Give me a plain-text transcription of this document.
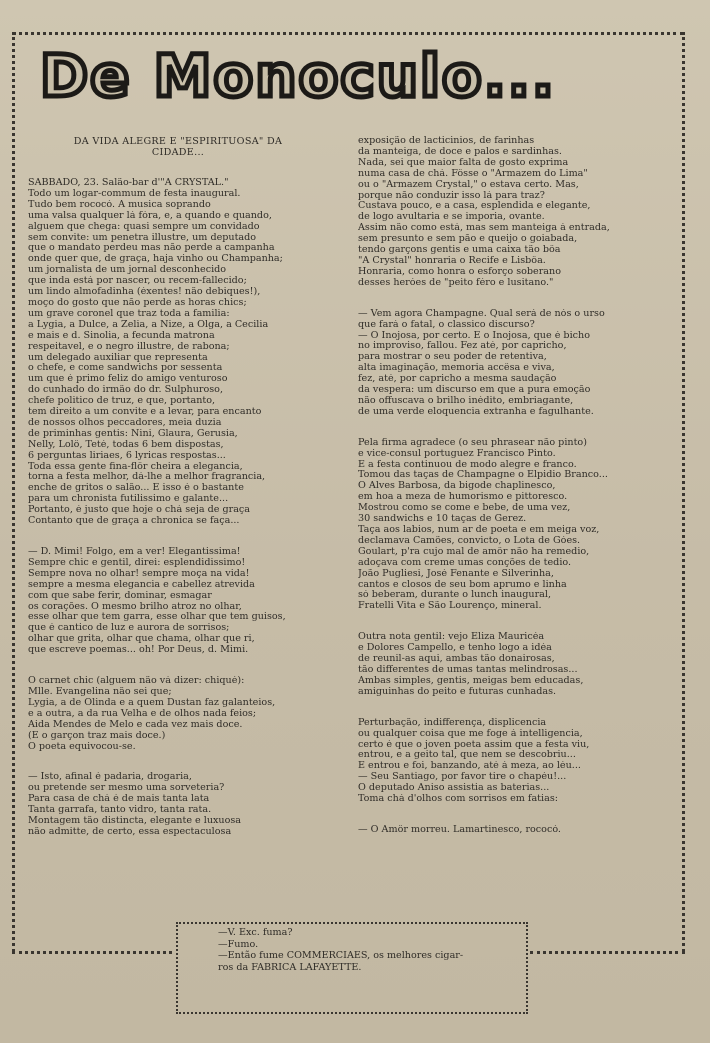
De Monoculo...
DA VIDA ALEGRE E "ESPIRITUOSA" DA
CIDADE...
SABBADO, 23. Salão-bar d'"A CRYSTAL."
Todo um logar-commum de festa inaugural.
Tudo bem rococó. A musica soprando
uma valsa qualquer lá fóra, e, a quando e quando,
alguem que chega: quasi sempre um convidado
sem convite: um penetra illustre, um deputado
que o mandato perdeu mas não perde a campanha
onde quer que, de graça, haja vinho ou Champanha;
um jornalista de um jornal desconhecido
que inda está por nascer, ou recem-fallecido;
um lindo almofadinha (éxentes! não debiques!),
moço do gosto que não perde as horas chics;
um grave coronel que traz toda a familia:
a Lygia, a Dulce, a Zelia, a Nize, a Olga, a Cecilia
e mais e d. Sinolia, a fecunda matrona
respeitavel, e o negro illustre, de rabona;
um delegado auxiliar que representa
o chefe, e come sandwichs por sessenta
um que é primo feliz do amigo venturoso
do cunhado do irmão do dr. Sulphuroso,
chefe politico de truz, e que, portanto,
tem direito a um convite e a levar, para encanto
de nossos olhos peccadores, meia duzia
de priminhas gentis: Nini, Glaura, Gerusia,
Nelly, Lolô, Teté, todas 6 bem dispostas,
6 perguntas liriaes, 6 lyricas respostas...
Toda essa gente fina-flôr cheira a elegancia,
torna a festa melhor, dá-lhe a melhor fragrancia,
enche de gritos o salão... E isso é o bastante
para um chronista futilissimo e galante...
Portanto, é justo que hoje o chá seja de graça
Contanto que de graça a chronica se faça...
— D. Mimi! Folgo, em a ver! Elegantissima!
Sempre chic e gentil, direi: esplendidissimo!
Sempre nova no olhar! sempre moça na vida!
sempre a mesma elegancia e cabellez atrevida
com que sabe ferir, dominar, esmagar
os corações. O mesmo brilho atroz no olhar,
esse olhar que tem garra, esse olhar que tem guisos,
que é cantico de luz e aurora de sorrisos;
olhar que grita, olhar que chama, olhar que ri,
que escreve poemas... oh! Por Deus, d. Mimi.
O carnet chic (alguem não vá dizer: chiqué):
Mlle. Evangelina não sei que;
Lygia, a de Olinda e a quem Dustan faz galanteios,
e a outra, a da rua Velha e de olhos nada feios;
Aida Mendes de Melo e cada vez mais doce.
(E o garçon traz mais doce.)
O poeta equivocou-se.
— Isto, afinal é padaria, drogaria,
ou pretende ser mesmo uma sorveteria?
Para casa de chá é de mais tanta lata
Tanta garrafa, tanto vidro, tanta rata.
Montagem tão distincta, elegante e luxuosa
não admitte, de certo, essa espectaculosa
exposição de lacticinios, de farinhas
da manteiga, de doce e palos e sardinhas.
Nada, sei que maior falta de gosto exprima
numa casa de chá. Fôsse o "Armazem do Lima"
ou o "Armazem Crystal," o estava certo. Mas,
porque não conduzir isso lá para traz?
Custava pouco, e a casa, esplendida e elegante,
de logo avultaria e se imporia, ovante.
Assim não como está, mas sem manteiga á entrada,
sem presunto e sem pão e queijo o goiabada,
tendo garçons gentis e uma caixa tão bôa
"A Crystal" honraria o Recife e Lisbôa.
Honraria, como honra o esforço soberano
desses heróes de "peito féro e lusitano."
— Vem agora Champagne. Qual será de nós o urso
que fará o fatal, o classico discurso?
— O Inojosa, por certo. E o Inojosa, que é bicho
no improviso, fallou. Fez até, por capricho,
para mostrar o seu poder de retentiva,
alta imaginação, memoria accêsa e viva,
fez, até, por capricho a mesma saudação
da vespera: um discurso em que a pura emoção
não offuscava o brilho inédito, embriagante,
de uma verde eloquencia extranha e fagulhante.
Pela firma agradece (o seu phrasear não pinto)
e vice-consul portuguez Francisco Pinto.
E a festa continuou de modo alegre e franco.
Tomou das taças de Champagne o Elpidio Branco...
O Alves Barbosa, da bigode chaplinesco,
em hoa a meza de humorismo e pittoresco.
Mostrou como se come e bebe, de uma vez,
30 sandwichs e 10 taças de Gerez.
Taça aos labios, num ar de poeta e em meiga voz,
declamava Camões, convicto, o Lota de Góes.
Goulart, p'ra cujo mal de amôr não ha remedio,
adoçava com creme umas conções de tedio.
João Pugliesi, José Fenante e Silverinha,
cantos e closos de seu bom aprumo e linha
só beberam, durante o lunch inaugural,
Fratelli Vita e São Lourenço, mineral.
Outra nota gentil: vejo Eliza Mauricéa
e Dolores Campello, e tenho logo a idéa
de reunil-as aqui, ambas tão donairosas,
tão differentes de umas tantas melindrosas...
Ambas simples, gentis, meigas bem educadas,
amiguinhas do peito e futuras cunhadas.
Perturbação, indifferença, displicencia
ou qualquer coisa que me foge á intelligencia,
certo é que o joven poeta assim que a festa viu,
entrou, e a geito tal, que nem se descobriu...
E entrou e foi, banzando, até á meza, ao léu...
— Seu Santiago, por favor tire o chapéu!...
O deputado Aniso assistia as baterias...
Toma chá d'olhos com sorrisos em fatias:
— O Amôr morreu. Lamartinesco, rococó.
—V. Exc. fuma?
—Fumo.
—Então fume COMMERCIAES, os melhores cigar-
ros da FABRICA LAFAYETTE.
